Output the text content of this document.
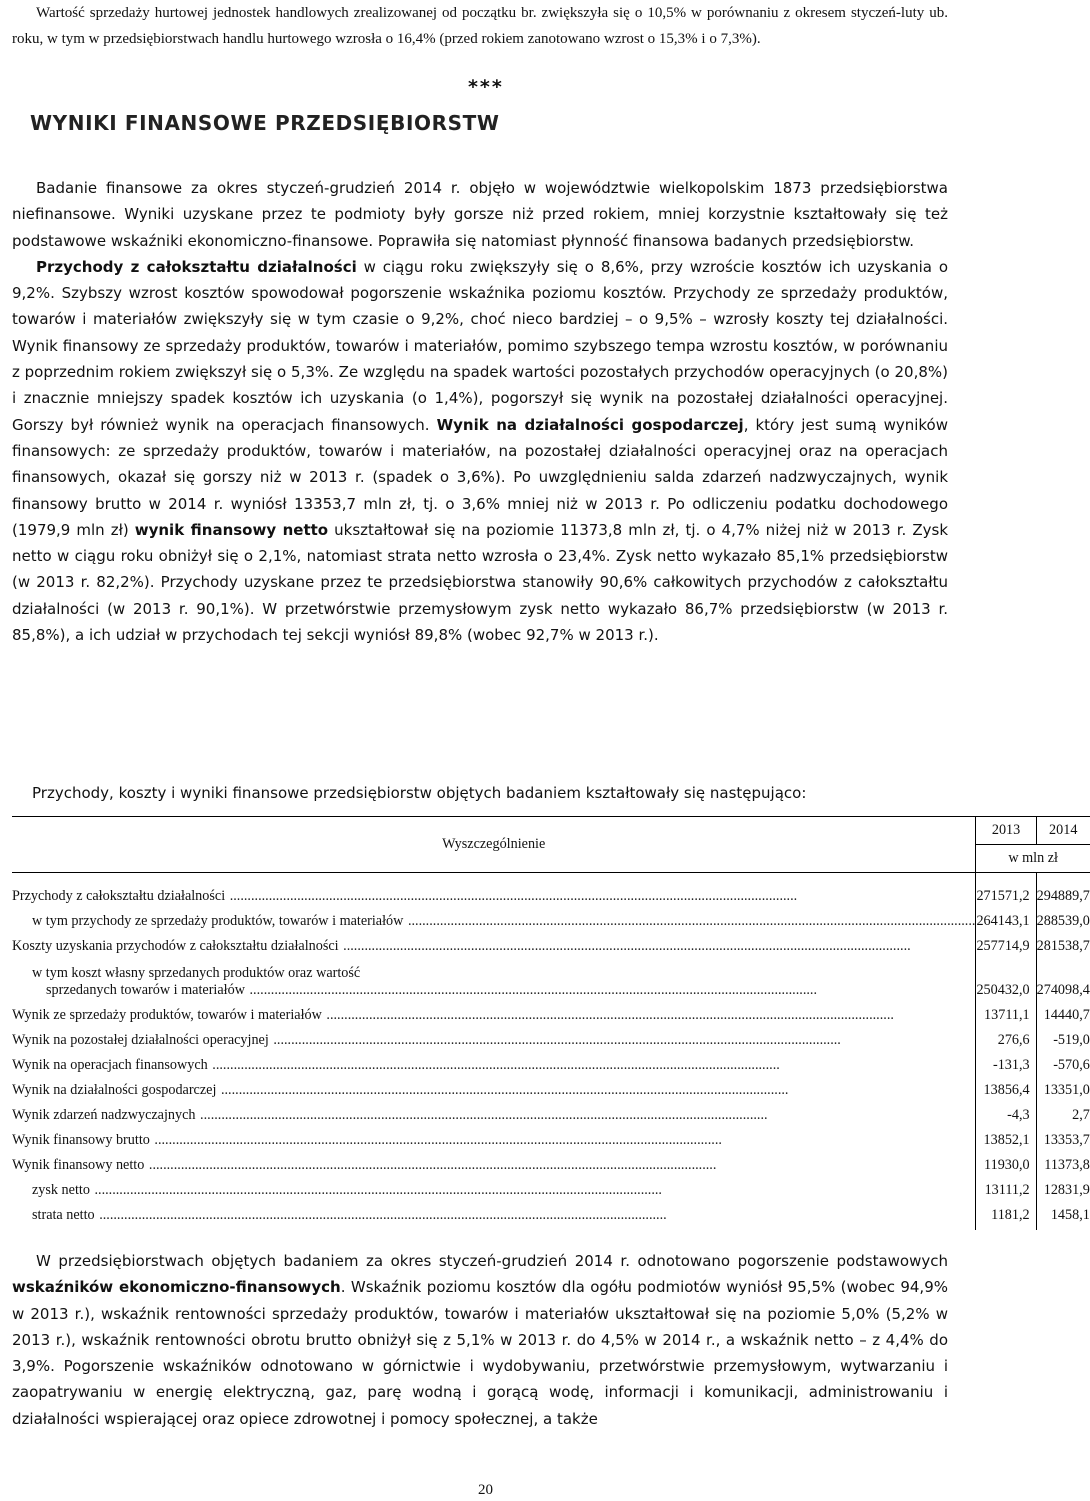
Wartość sprzedaży hurtowej jednostek handlowych zrealizowanej od początku br. zwiększyła się o 10,5% w porównaniu z okresem styczeń-luty ub. roku, w tym w przedsiębiorstwach handlu hurtowego wzrosła o 16,4% (przed rokiem zanotowano wzrost o 15,3% i o 7,3%).

***
WYNIKI FINANSOWE PRZEDSIĘBIORSTW

Badanie finansowe za okres styczeń-grudzień 2014 r. objęło w województwie wielkopolskim 1873 przedsiębiorstwa niefinansowe. Wyniki uzyskane przez te podmioty były gorsze niż przed rokiem, mniej korzystnie kształtowały się też podstawowe wskaźniki ekonomiczno-finansowe. Poprawiła się natomiast płynność finansowa badanych przedsiębiorstw.

Przychody z całokształtu działalności w ciągu roku zwiększyły się o 8,6%, przy wzroście kosztów ich uzyskania o 9,2%. Szybszy wzrost kosztów spowodował pogorszenie wskaźnika poziomu kosztów. Przychody ze sprzedaży produktów, towarów i materiałów zwiększyły się w tym czasie o 9,2%, choć nieco bardziej – o 9,5% – wzrosły koszty tej działalności. Wynik finansowy ze sprzedaży produktów, towarów i materiałów, pomimo szybszego tempa wzrostu kosztów, w porównaniu z poprzednim rokiem zwiększył się o 5,3%. Ze względu na spadek wartości pozostałych przychodów operacyjnych (o 20,8%) i znacznie mniejszy spadek kosztów ich uzyskania (o 1,4%), pogorszył się wynik na pozostałej działalności operacyjnej. Gorszy był również wynik na operacjach finansowych. Wynik na działalności gospodarczej, który jest sumą wyników finansowych: ze sprzedaży produktów, towarów i materiałów, na pozostałej działalności operacyjnej oraz na operacjach finansowych, okazał się gorszy niż w 2013 r. (spadek o 3,6%). Po uwzględnieniu salda zdarzeń nadzwyczajnych, wynik finansowy brutto w 2014 r. wyniósł 13353,7 mln zł, tj. o 3,6% mniej niż w 2013 r. Po odliczeniu podatku dochodowego (1979,9 mln zł) wynik finansowy netto ukształtował się na poziomie 11373,8 mln zł, tj. o 4,7% niżej niż w 2013 r. Zysk netto w ciągu roku obniżył się o 2,1%, natomiast strata netto wzrosła o 23,4%. Zysk netto wykazało 85,1% przedsiębiorstw (w 2013 r. 82,2%). Przychody uzyskane przez te przedsiębiorstwa stanowiły 90,6% całkowitych przychodów z całokształtu działalności (w 2013 r. 90,1%). W przetwórstwie przemysłowym zysk netto wykazało 86,7% przedsiębiorstw (w 2013 r. 85,8%), a ich udział w przychodach tej sekcji wyniósł 89,8% (wobec 92,7% w 2013 r.).

Przychody, koszty i wyniki finansowe przedsiębiorstw objętych badaniem kształtowały się następująco:
Wyszczególnienie	2013	2014
	w mln zł	
Przychody z całokształtu działalności ................................................................................................................................................................	271571,2	294889,7
w tym przychody ze sprzedaży produktów, towarów i materiałów ................................................................................................................................................................	264143,1	288539,0
Koszty uzyskania przychodów z całokształtu działalności ................................................................................................................................................................	257714,9	281538,7

w tym koszt własny sprzedanych produktów oraz wartość
sprzedanych towarów i materiałów ................................................................................................................................................................	250432,0	274098,4
Wynik ze sprzedaży produktów, towarów i materiałów ................................................................................................................................................................	13711,1	14440,7
Wynik na pozostałej działalności operacyjnej ................................................................................................................................................................	276,6	-519,0
Wynik na operacjach finansowych ................................................................................................................................................................	-131,3	-570,6
Wynik na działalności gospodarczej ................................................................................................................................................................	13856,4	13351,0
Wynik zdarzeń nadzwyczajnych ................................................................................................................................................................	-4,3	2,7
Wynik finansowy brutto ................................................................................................................................................................	13852,1	13353,7
Wynik finansowy netto ................................................................................................................................................................	11930,0	11373,8
zysk netto ................................................................................................................................................................	13111,2	12831,9
strata netto ................................................................................................................................................................	1181,2	1458,1

W przedsiębiorstwach objętych badaniem za okres styczeń-grudzień 2014 r. odnotowano pogorszenie podstawowych wskaźników ekonomiczno-finansowych. Wskaźnik poziomu kosztów dla ogółu podmiotów wyniósł 95,5% (wobec 94,9% w 2013 r.), wskaźnik rentowności sprzedaży produktów, towarów i materiałów ukształtował się na poziomie 5,0% (5,2% w 2013 r.), wskaźnik rentowności obrotu brutto obniżył się z 5,1% w 2013 r. do 4,5% w 2014 r., a wskaźnik netto – z 4,4% do 3,9%. Pogorszenie wskaźników odnotowano w górnictwie i wydobywaniu, przetwórstwie przemysłowym, wytwarzaniu i zaopatrywaniu w energię elektryczną, gaz, parę wodną i gorącą wodę, informacji i komunikacji, administrowaniu i działalności wspierającej oraz opiece zdrowotnej i pomocy społecznej, a także

20
